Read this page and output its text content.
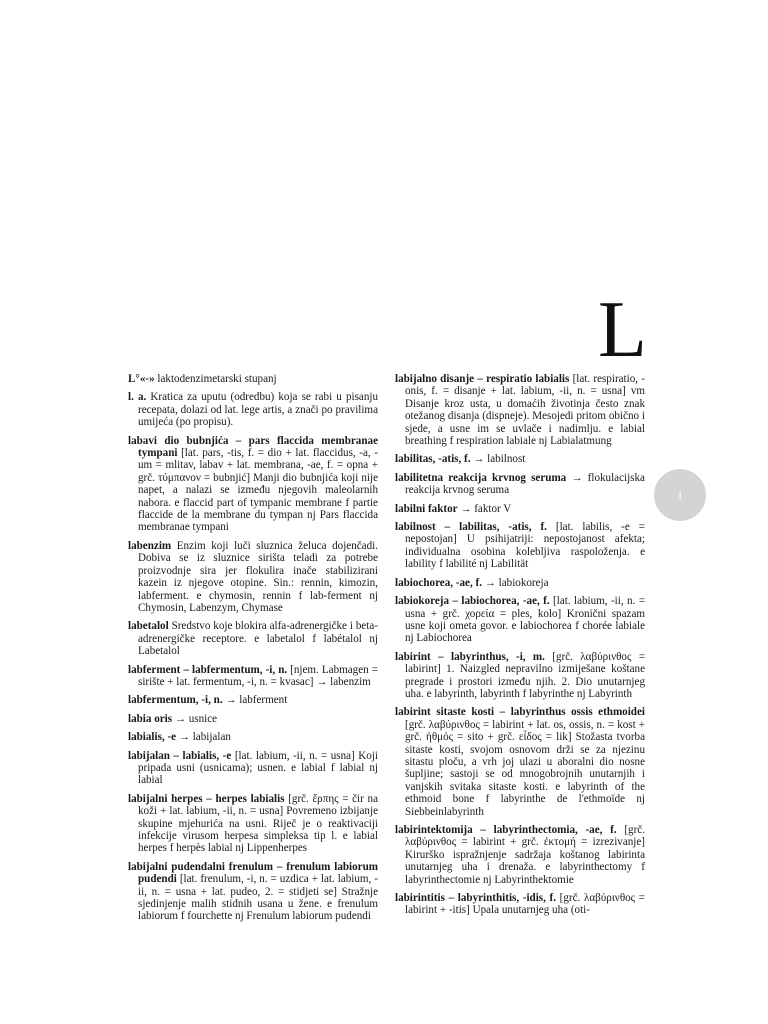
L
1

L°«-» laktodenzimetarski stupanj

l. a. Kratica za uputu (odredbu) koja se rabi u pisanju recepata, dolazi od lat. lege artis, a znači po pravilima umijeća (po propisu).

labavi dio bubnjića – pars flaccida membranae tympani [lat. pars, -tis, f. = dio + lat. flaccidus, -a, -um = mlitav, labav + lat. membrana, -ae, f. = opna + grč. τύμπανον = bubnjić] Manji dio bubnjića koji nije napet, a nalazi se između njegovih maleolarnih nabora. e flaccid part of tympanic membrane f partie flaccide de la membrane du tympan nj Pars flaccida membranae tympani

labenzim Enzim koji luči sluznica želuca dojenčadi. Dobiva se iz sluznice sirišta teladi za potrebe proizvodnje sira jer flokulira inače stabilizirani kazein iz njegove otopine. Sin.: rennin, kimozin, labferment. e chymosin, rennin f lab-ferment nj Chymosin, Labenzym, Chymase

labetalol Sredstvo koje blokira alfa-adrenergičke i beta-adrenergičke receptore. e labetalol f labétalol nj Labetalol

labferment – labfermentum, -i, n. [njem. Labmagen = sirište + lat. fermentum, -i, n. = kvasac] → labenzim

labfermentum, -i, n. → labferment

labia oris → usnice

labialis, -e → labijalan

labijalan – labialis, -e [lat. labium, -ii, n. = usna] Koji pripada usni (usnicama); usnen. e labial f labial nj labial

labijalni herpes – herpes labialis [grč. ἕρπης = čir na koži + lat. labium, -ii, n. = usna] Povremeno izbijanje skupine mjehurića na usni. Riječ je o reaktivaciji infekcije virusom herpesa simpleksa tip l. e labial herpes f herpès labial nj Lippenherpes

labijalni pudendalni frenulum – frenulum labiorum pudendi [lat. frenulum, -i, n. = uzdica + lat. labium, -ii, n. = usna + lat. pudeo, 2. = stidjeti se] Stražnje sjedinjenje malih stidnih usana u žene. e frenulum labiorum f fourchette nj Frenulum labiorum pudendi

labijalno disanje – respiratio labialis [lat. respiratio, -onis, f. = disanje + lat. labium, -ii, n. = usna] vm Disanje kroz usta, u domaćih životinja često znak otežanog disanja (dispneje). Mesojedi pritom obično i sjede, a usne im se uvlače i nadimlju. e labial breathing f respiration labiale nj Labialatmung

labilitas, -atis, f. → labilnost

labilitetna reakcija krvnog seruma → flokulacijska reakcija krvnog seruma

labilni faktor → faktor V

labilnost – labilitas, -atis, f. [lat. labilis, -e = nepostojan] U psihijatriji: nepostojanost afekta; individualna osobina kolebljiva raspoloženja. e lability f labilité nj Labilität

labiochorea, -ae, f. → labiokoreja

labiokoreja – labiochorea, -ae, f. [lat. labium, -ii, n. = usna + grč. χορεία = ples, kolo] Kronični spazam usne koji ometa govor. e labiochorea f chorée labiale nj Labiochorea

labirint – labyrinthus, -i, m. [grč. λαβύρινθος = labirint] 1. Naizgled nepravilno izmiješane koštane pregrade i prostori između njih. 2. Dio unutarnjeg uha. e labyrinth, labyrinth f labyrinthe nj Labyrinth

labirint sitaste kosti – labyrinthus ossis ethmoidei [grč. λαβύρινθος = labirint + lat. os, ossis, n. = kost + grč. ἠθμός = sito + grč. εἶδος = lik] Stožasta tvorba sitaste kosti, svojom osnovom drži se za njezinu sitastu ploču, a vrh joj ulazi u aboralni dio nosne šupljine; sastoji se od mnogobrojnih unutarnjih i vanjskih svitaka sitaste kosti. e labyrinth of the ethmoid bone f labyrinthe de l'ethmoïde nj Siebbeinlabyrinth

labirintektomija – labyrinthectomia, -ae, f. [grč. λαβύρινθος = labirint + grč. ἐκτομή = izrezivanje] Kirurško ispražnjenje sadržaja koštanog labirinta unutarnjeg uha i drenaža. e labyrinthectomy f labyrinthectomie nj Labyrinthektomie

labirintitis – labyrinthitis, -idis, f. [grč. λαβύρινθος = labirint + -itis] Upala unutarnjeg uha (oti-
